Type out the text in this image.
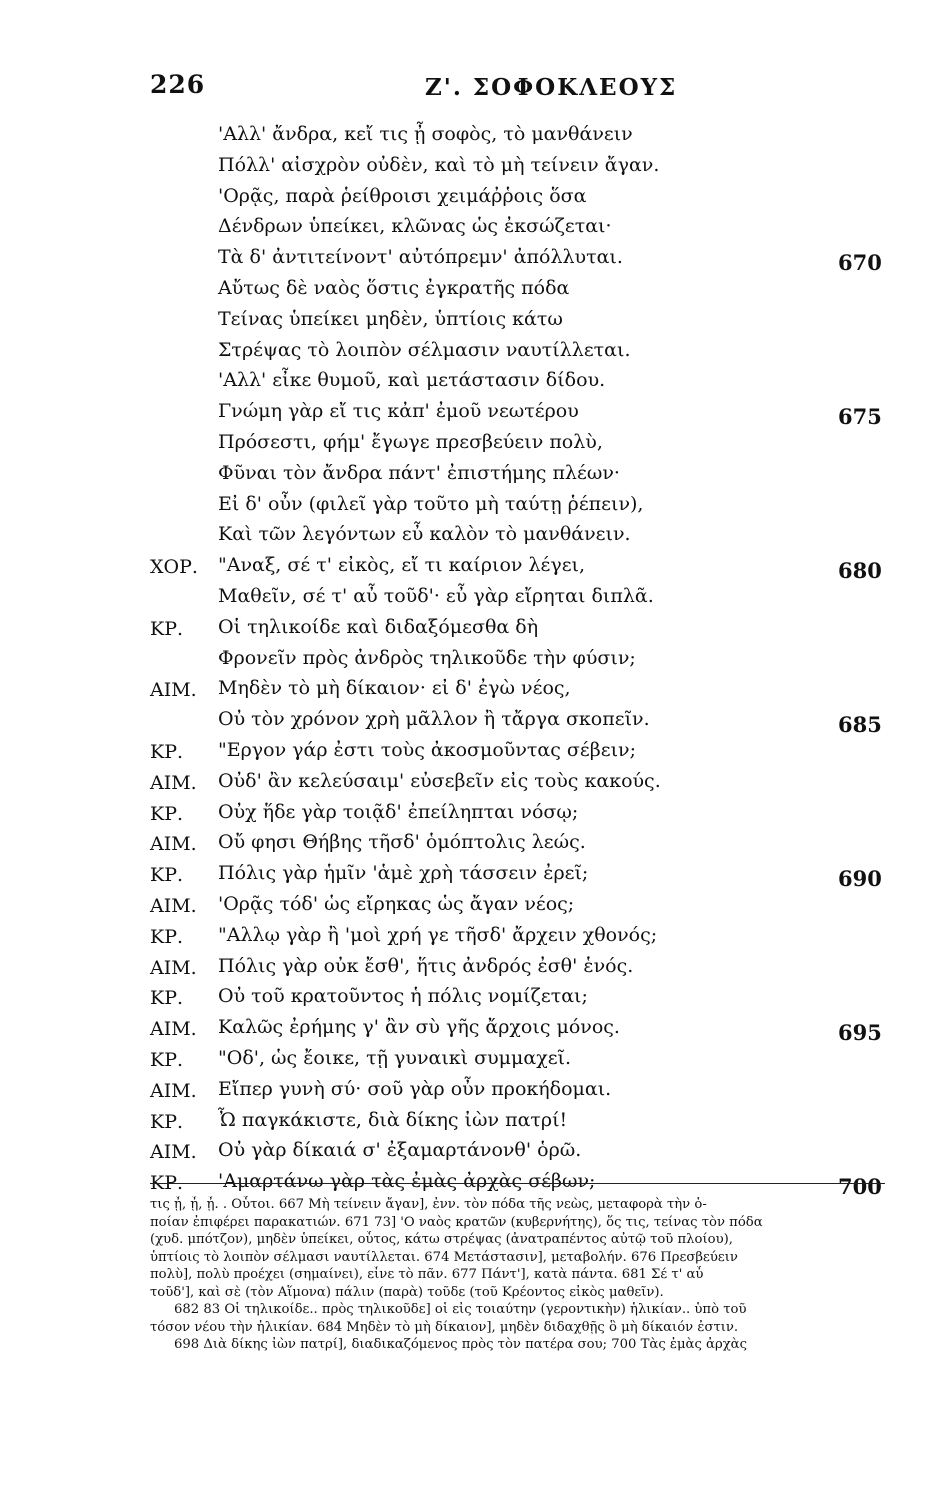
226	Ζ'. ΣΟΦΟΚΛΕΟΥΣ
'Αλλ' ἄνδρα, κεἴ τις ᾖ σοφὸς, τὸ μανθάνειν
Πόλλ' αἰσχρὸν οὐδὲν, καὶ τὸ μὴ τείνειν ἄγαν.
'Ορᾷς, παρὰ ῥείθροισι χειμάῤῥοις ὅσα
Δένδρων ὑπείκει, κλῶνας ὡς ἐκσώζεται·
Τὰ δ' ἀντιτείνοντ' αὐτόπρεμν' ἀπόλλυται.	670
Αὔτως δὲ ναὸς ὅστις ἐγκρατῆς πόδα
Τείνας ὑπείκει μηδὲν, ὑπτίοις κάτω
Στρέψας τὸ λοιπὸν σέλμασιν ναυτίλλεται.
'Αλλ' εἶκε θυμοῦ, καὶ μετάστασιν δίδου.
Γνώμη γὰρ εἴ τις κἀπ' ἐμοῦ νεωτέρου	675
Πρόσεστι, φήμ' ἔγωγε πρεσβεύειν πολὺ,
Φῦναι τὸν ἄνδρα πάντ' ἐπιστήμης πλέων·
Εἰ δ' οὖν (φιλεῖ γὰρ τοῦτο μὴ ταύτῃ ῥέπειν),
Καὶ τῶν λεγόντων εὖ καλὸν τὸ μανθάνειν.
ΧΟΡ. "Αναξ, σέ τ' εἰκὸς, εἴ τι καίριον λέγει,	680
Μαθεῖν, σέ τ' αὖ τοῦδ'· εὖ γὰρ εἴρηται διπλᾶ.
ΚΡ. Οἱ τηλικοίδε καὶ διδαξόμεσθα δὴ
Φρονεῖν πρὸς ἀνδρὸς τηλικοῦδε τὴν φύσιν;
ΑΙΜ. Μηδὲν τὸ μὴ δίκαιον· εἰ δ' ἐγὼ νέος,
Οὐ τὸν χρόνον χρὴ μᾶλλον ἢ τἄργα σκοπεῖν.	685
ΚΡ. "Εργον γάρ ἐστι τοὺς ἀκοσμοῦντας σέβειν;
ΑΙΜ. Οὐδ' ἂν κελεύσαιμ' εὐσεβεῖν εἰς τοὺς κακούς.
ΚΡ. Οὐχ ἥδε γὰρ τοιᾷδ' ἐπείληπται νόσῳ;
ΑΙΜ. Οὔ φησι Θήβης τῆσδ' ὁμόπτολις λεώς.
ΚΡ. Πόλις γὰρ ἡμῖν 'ἁμὲ χρὴ τάσσειν ἐρεῖ;	690
ΑΙΜ. 'Ορᾷς τόδ' ὡς εἴρηκας ὡς ἄγαν νέος;
ΚΡ. "Αλλῳ γὰρ ἢ 'μοὶ χρή γε τῆσδ' ἄρχειν χθονός;
ΑΙΜ. Πόλις γὰρ οὐκ ἔσθ', ἥτις ἀνδρός ἐσθ' ἑνός.
ΚΡ. Οὐ τοῦ κρατοῦντος ἡ πόλις νομίζεται;
ΑΙΜ. Καλῶς ἐρήμης γ' ἂν σὺ γῆς ἄρχοις μόνος.	695
ΚΡ. "Οδ', ὡς ἔοικε, τῇ γυναικὶ συμμαχεῖ.
ΑΙΜ. Εἴπερ γυνὴ σύ· σοῦ γὰρ οὖν προκήδομαι.
ΚΡ. Ὦ παγκάκιστε, διὰ δίκης ἰὼν πατρί!
ΑΙΜ. Οὐ γὰρ δίκαιά σ' ἐξαμαρτάνονθ' ὁρῶ.
ΚΡ. 'Αμαρτάνω γὰρ τὰς ἐμὰς ἀρχὰς σέβων;	700
τις ᾖ, ᾖ, ᾖ. . Οὗτοι. 667 Μὴ τείνειν ἄγαν], ἐνν. τὸν πόδα τῆς νεὼς, μεταφορὰ τὴν ὁ-
ποίαν ἐπιφέρει παρακατιών. 671 73] 'Ο ναὸς κρατῶν (κυβερνήτης), ὅς τις, τείνας τὸν πόδα
(χυδ. μπότζον), μηδὲν ὑπείκει, οὗτος, κάτω στρέψας (ἀνατραπέντος αὐτῷ τοῦ πλοίου),
ὑπτίοις τὸ λοιπὸν σέλμασι ναυτίλλεται. 674 Μετάστασιν], μεταβολήν. 676 Πρεσβεύειν
πολὺ], πολὺ προέχει (σημαίνει), εἶνε τὸ πᾶν. 677 Πάντ'], κατὰ πάντα. 681 Σέ τ' αὖ
τοῦδ'], καὶ σὲ (τὸν Αἵμονα) πάλιν (παρὰ) τοῦδε (τοῦ Κρέοντος εἰκὸς μαθεῖν).
682 83 Οἱ τηλικοίδε.. πρὸς τηλικοῦδε] οἱ εἰς τοιαύτην (γεροντικὴν) ἡλικίαν.. ὑπὸ τοῦ
τόσον νέου τὴν ἡλικίαν. 684 Μηδὲν τὸ μὴ δίκαιον], μηδὲν διδαχθῇς ὃ μὴ δίκαιόν ἐστιν.
698 Διὰ δίκης ἰὼν πατρί], διαδικαζόμενος πρὸς τὸν πατέρα σου; 700 Τὰς ἐμὰς ἀρχὰς
